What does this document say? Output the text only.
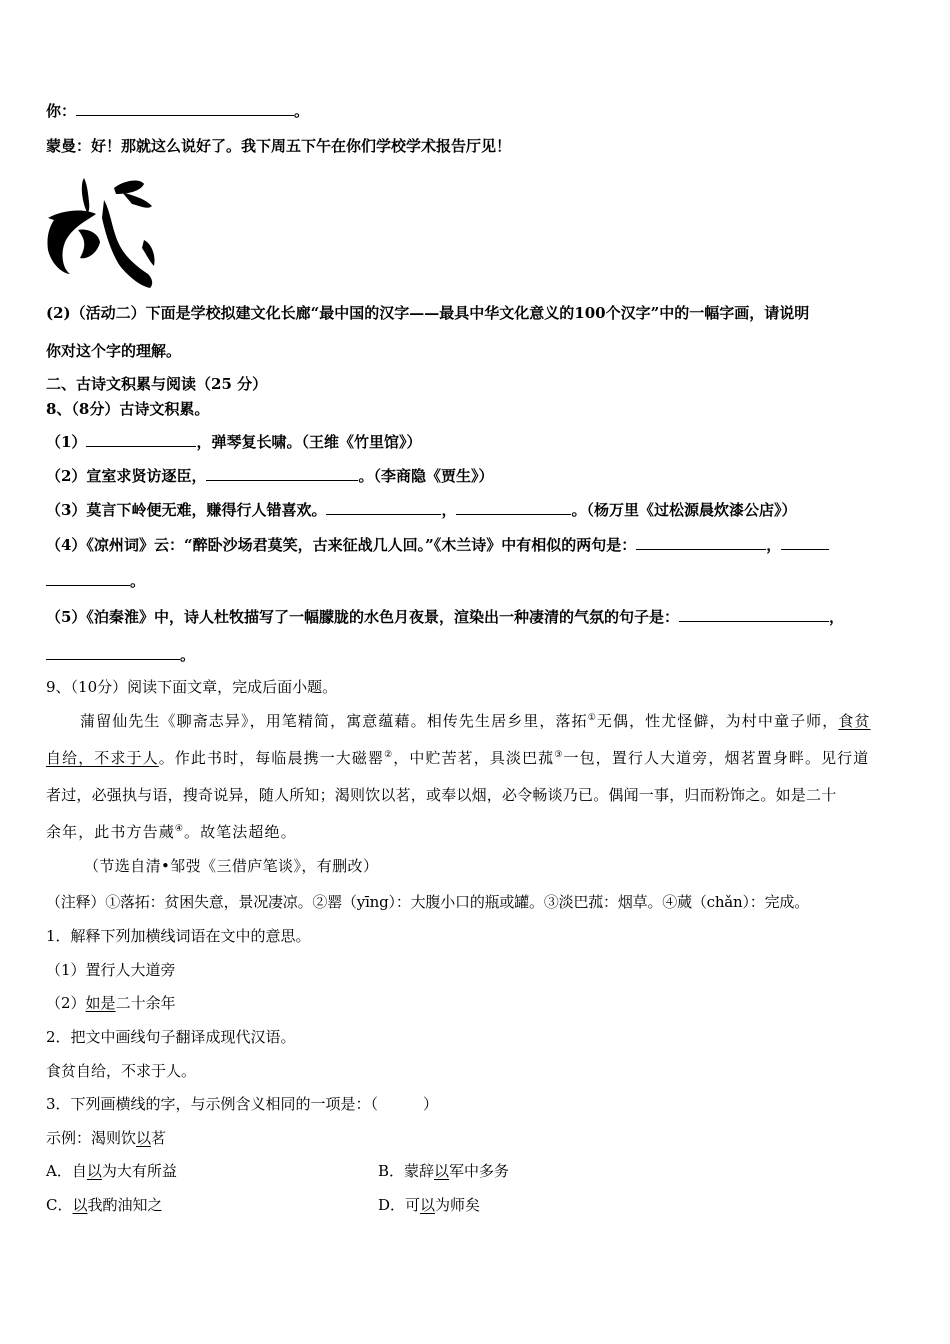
你：	。
蒙曼：好！那就这么说好了。我下周五下午在你们学校学术报告厅见！
(2)（活动二）下面是学校拟建文化长廊“最中国的汉字——最具中华文化意义的100个汉字”中的一幅字画，请说明
你对这个字的理解。
二、古诗文积累与阅读（25 分）
8、（8分）古诗文积累。
（1）	，弹琴复长啸。（王维《竹里馆》）
（2）宣室求贤访逐臣，	。（李商隐《贾生》）
（3）莫言下岭便无难，赚得行人错喜欢。	，	。（杨万里《过松源晨炊漆公店》）
（4）《凉州词》云：“醉卧沙场君莫笑，古来征战几人回。”《木兰诗》中有相似的两句是：	，
。
（5）《泊秦淮》中，诗人杜牧描写了一幅朦胧的水色月夜景，渲染出一种凄清的气氛的句子是：	，
。
9、（10分）阅读下面文章，完成后面小题。
蒲留仙先生《聊斋志异》，用笔精简，寓意蕴藉。相传先生居乡里，落拓①无偶，性尤怪僻，为村中童子师，食贫
自给，不求于人。作此书时，每临晨携一大磁罂②，中贮苦茗，具淡巴菰③一包，置行人大道旁，烟茗置身畔。见行道
者过，必强执与语，搜奇说异，随人所知；渴则饮以茗，或奉以烟，必令畅谈乃已。偶闻一事，归而粉饰之。如是二十
余年，此书方告蒇④。故笔法超绝。
（节选自清•邹弢《三借庐笔谈》，有删改）
（注释）①落拓：贫困失意，景况凄凉。②罂（yīng）：大腹小口的瓶或罐。③淡巴菰：烟草。④蒇（chǎn）：完成。
1．解释下列加横线词语在文中的意思。
（1）置行人大道旁
（2）如是二十余年
2．把文中画线句子翻译成现代汉语。
食贫自给，不求于人。
3．下列画横线的字，与示例含义相同的一项是：（　　　）
示例：渴则饮以茗
A．自以为大有所益	B．蒙辞以军中多务
C．以我酌油知之	D．可以为师矣
